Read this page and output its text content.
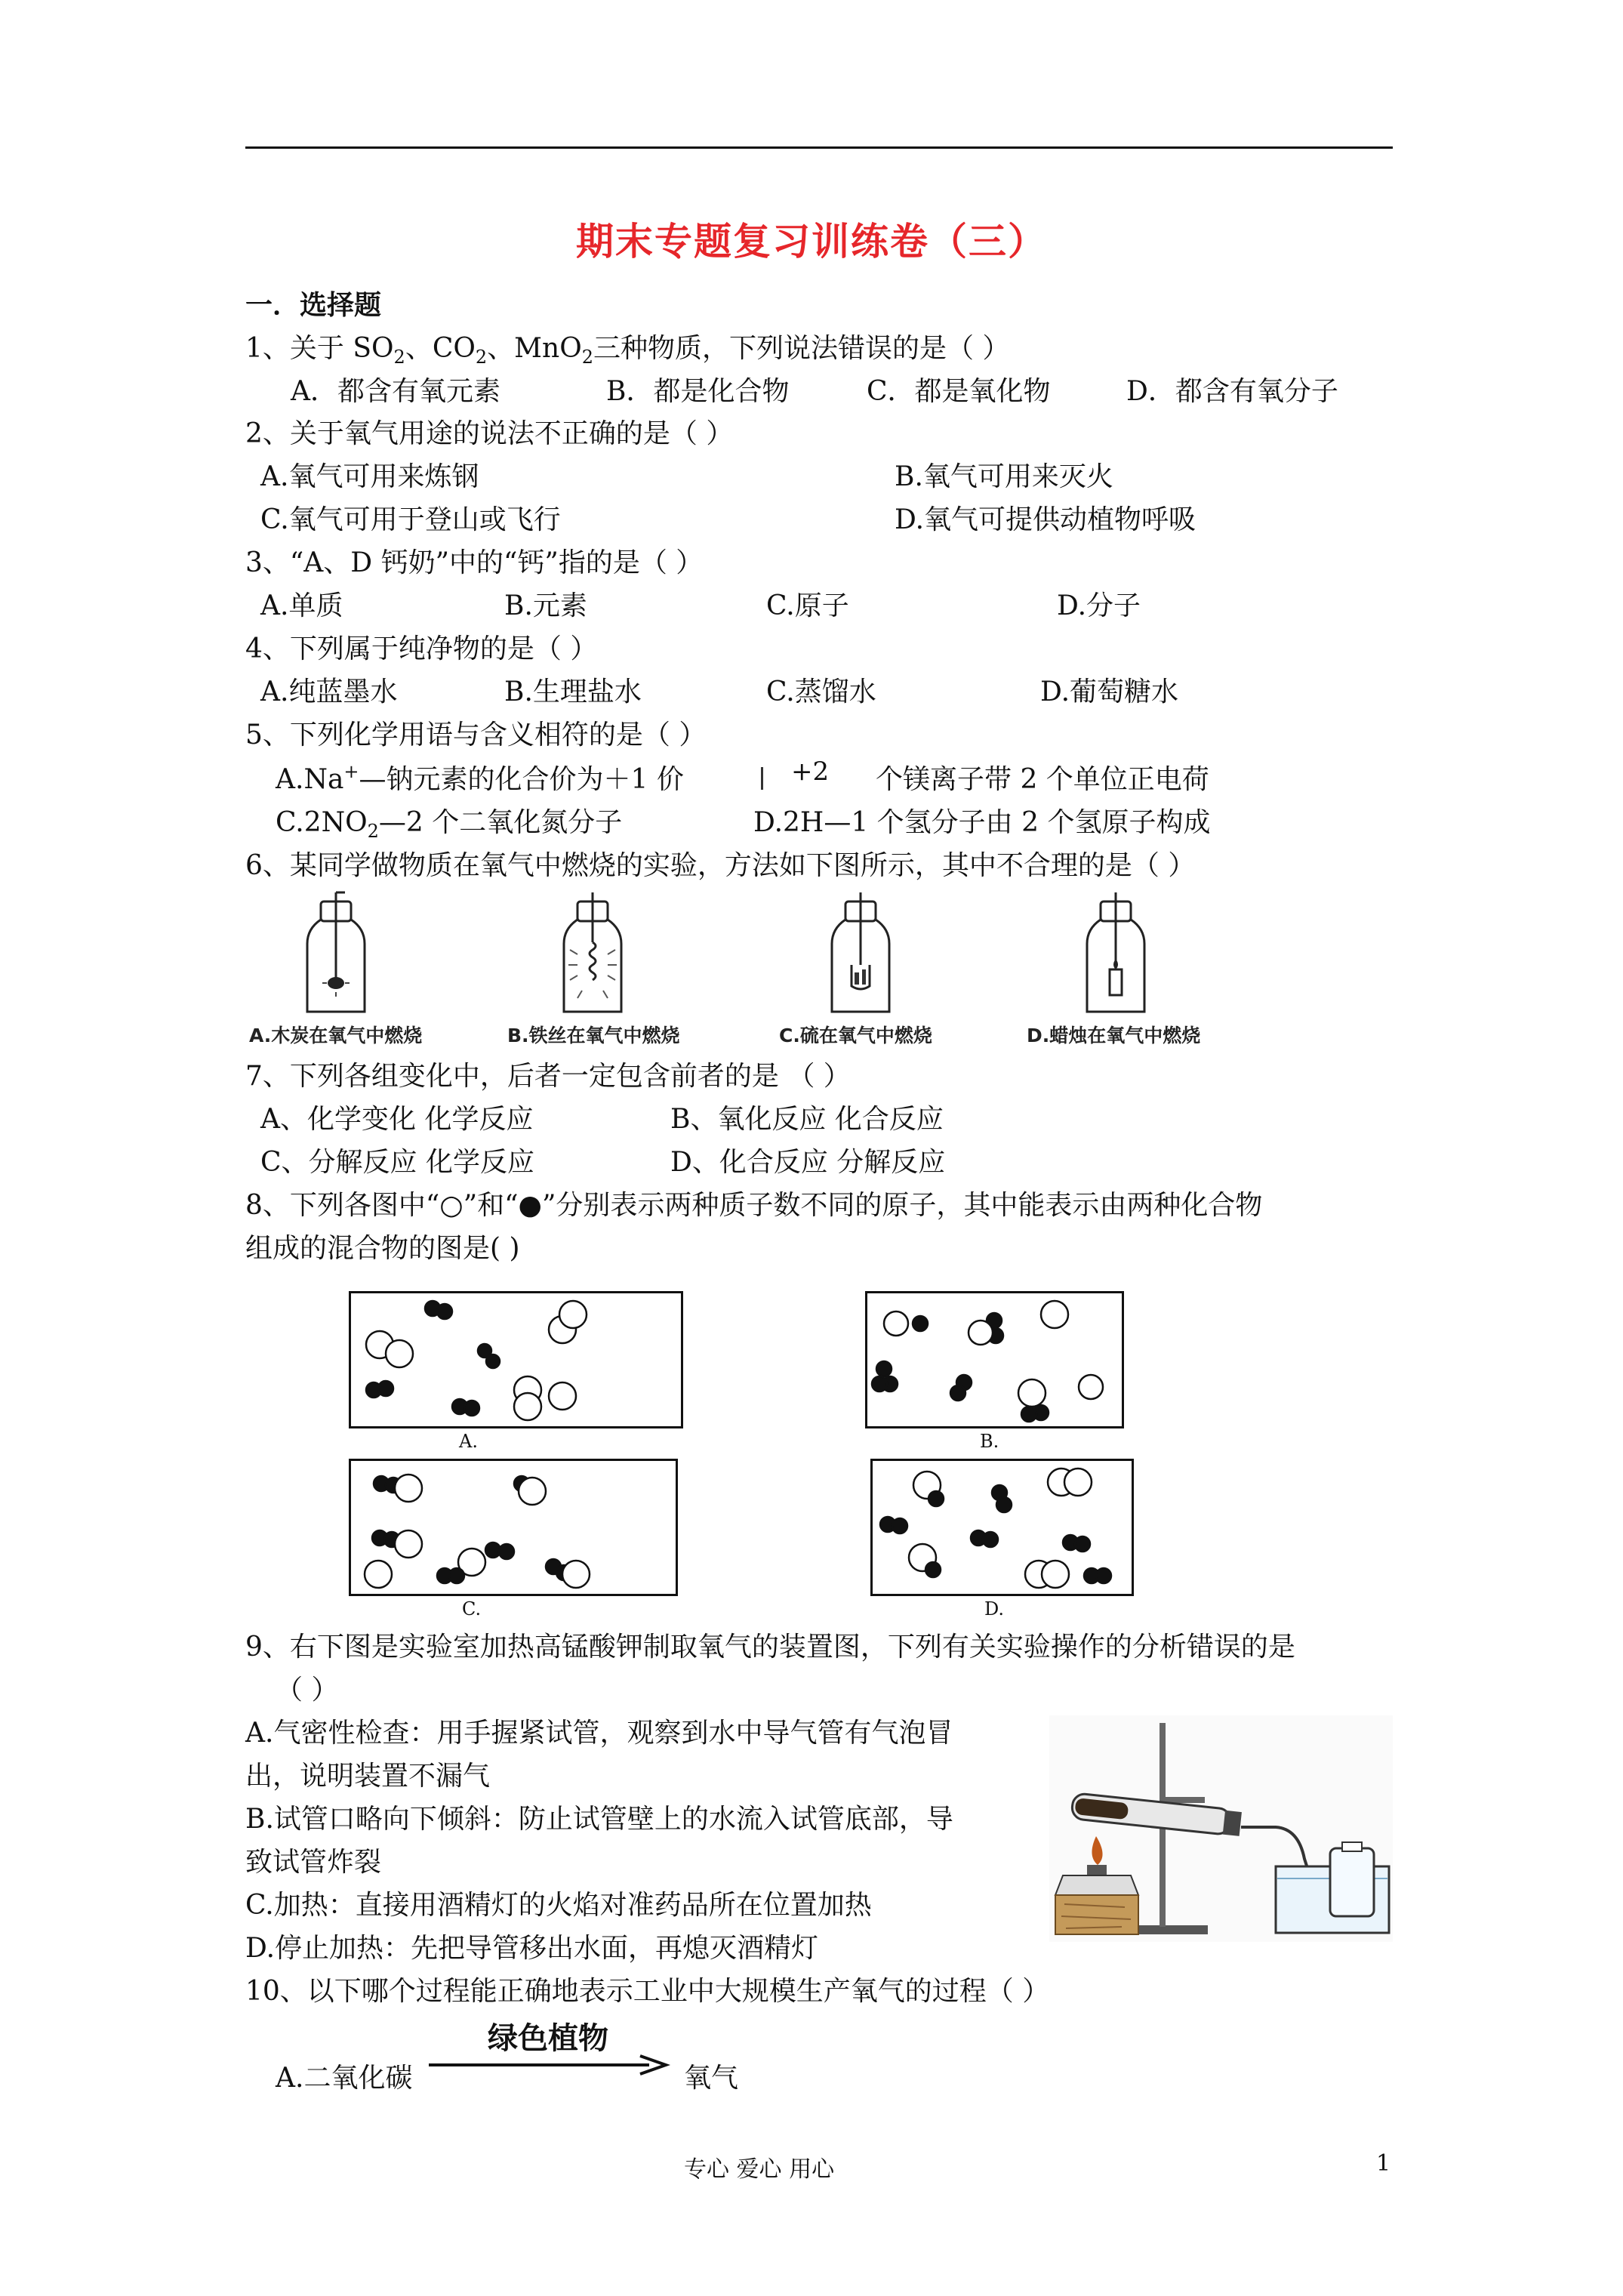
期末专题复习训练卷（三）
一．选择题
1、关于 $SO_2$、$CO_2$、MnO$_2$三种物质，下列说法错误的是（ ）
A．都含有氧元素	B．都是化合物	C．都是氧化物	D．都含有氧分子
2、关于氧气用途的说法不正确的是（ ）
A.氧气可用来炼钢	B.氧气可用来灭火
C.氧气可用于登山或飞行	D.氧气可提供动植物呼吸
3、“A、D 钙奶”中的“钙”指的是（ ）
A.单质	B.元素	C.原子	D.分子
4、下列属于纯净物的是（ ）
A.纯蓝墨水	B.生理盐水	C.蒸馏水	D.葡萄糖水
5、下列化学用语与含义相符的是（ ）
A.Na+—钠元素的化合价为＋1 价	+2 个镁离子带 2 个单位正电荷
$C.2NO_2—2$ 个二氧化氮分子	D.2H—1 个氢分子由 2 个氢原子构成
6、某同学做物质在氧气中燃烧的实验，方法如下图所示，其中不合理的是（ ）
A.木炭在氧气中燃烧	B.铁丝在氧气中燃烧	C.硫在氧气中燃烧	D.蜡烛在氧气中燃烧
7、下列各组变化中，后者一定包含前者的是 （ ）
A、化学变化 化学反应	B、氧化反应 化合反应
C、分解反应 化学反应	D、化合反应 分解反应
8、下列各图中“○”和“●”分别表示两种质子数不同的原子，其中能表示由两种化合物
组成的混合物的图是( )
A.	B.
C.	D.
9、右下图是实验室加热高锰酸钾制取氧气的装置图，下列有关实验操作的分析错误的是
（ ）
A.气密性检查：用手握紧试管，观察到水中导气管有气泡冒
出，说明装置不漏气
B.试管口略向下倾斜：防止试管壁上的水流入试管底部，导
致试管炸裂
C.加热：直接用酒精灯的火焰对准药品所在位置加热
D.停止加热：先把导管移出水面，再熄灭酒精灯
10、以下哪个过程能正确地表示工业中大规模生产氧气的过程（ ）
绿色植物
A.二氧化碳	氧气
专心 爱心 用心	1
